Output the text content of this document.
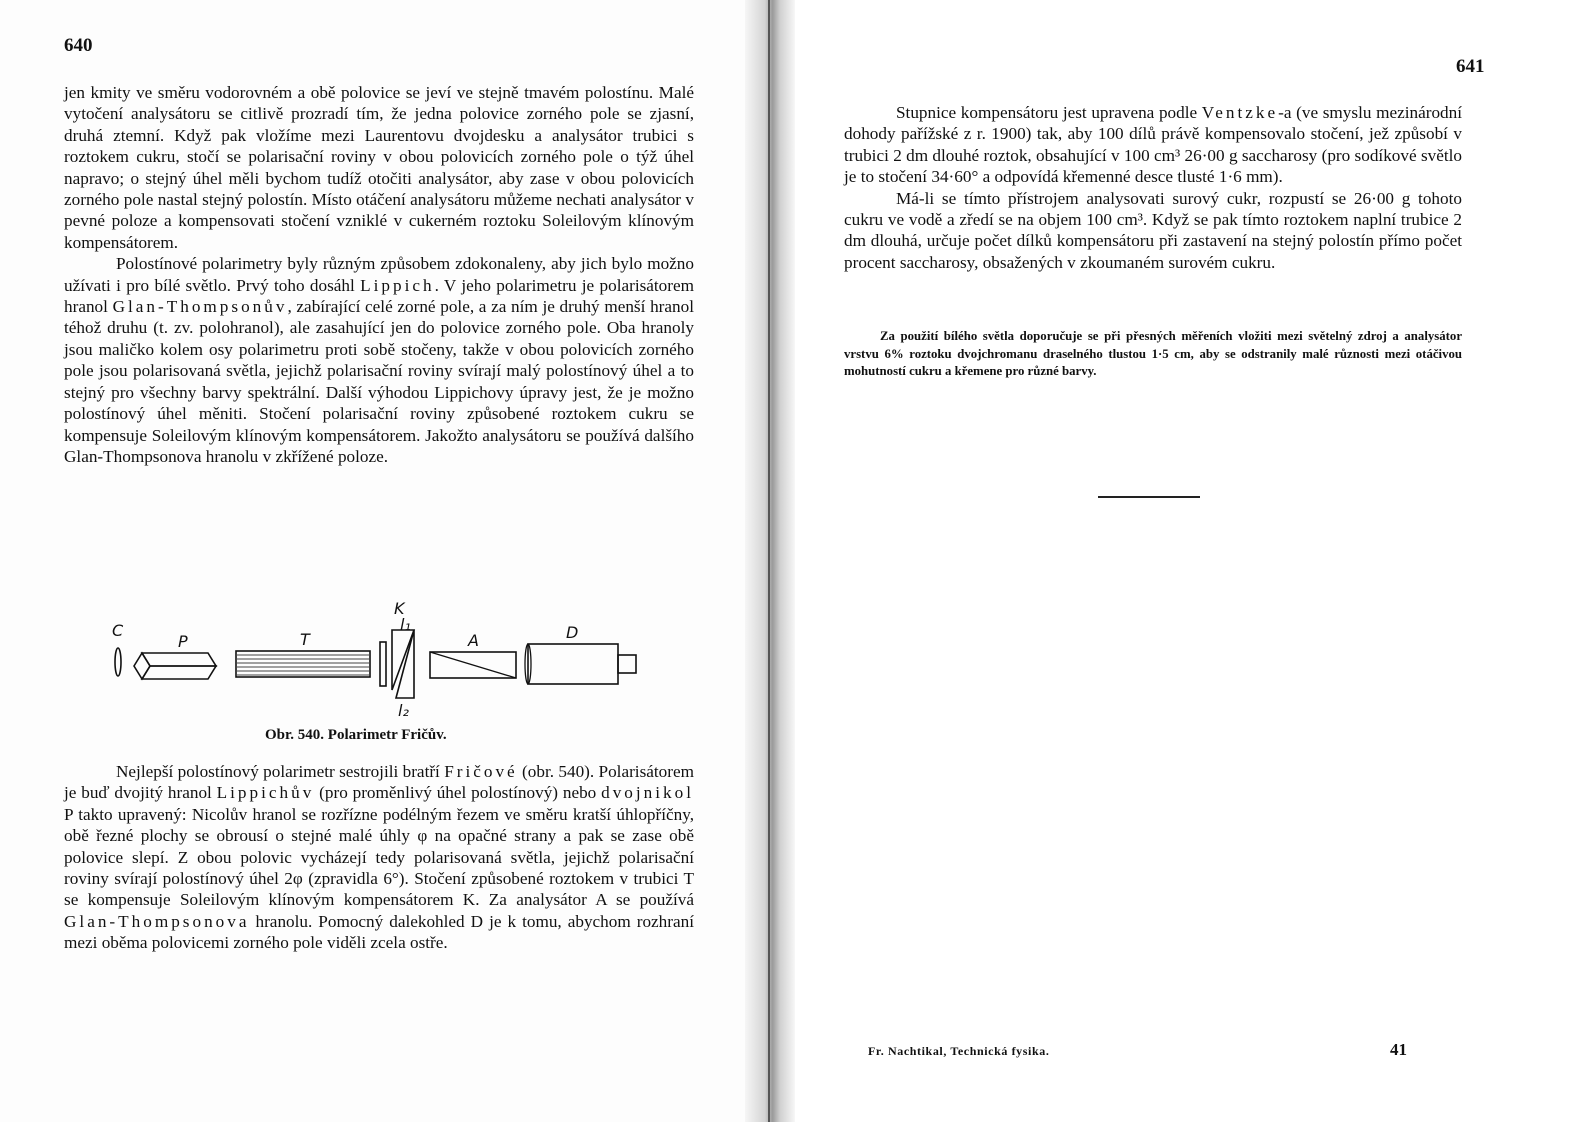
640

jen kmity ve směru vodorovném a obě polovice se jeví ve stejně tmavém polostínu. Malé vytočení analysátoru se citlivě prozradí tím, že jedna polovice zorného pole se zjasní, druhá ztemní. Když pak vložíme mezi Laurentovu dvojdesku a analysátor trubici s roztokem cukru, stočí se polarisační roviny v obou polovicích zorného pole o týž úhel napravo; o stejný úhel měli bychom tudíž otočiti analysátor, aby zase v obou polovicích zorného pole nastal stejný polostín. Místo otáčení analysátoru můžeme nechati analysátor v pevné poloze a kompensovati stočení vzniklé v cukerném roztoku Soleilovým klínovým kompensátorem.

Polostínové polarimetry byly různým způsobem zdokonaleny, aby jich bylo možno užívati i pro bílé světlo. Prvý toho dosáhl Lippich. V jeho polarimetru je polarisátorem hranol Glan-Thompsonův, zabírající celé zorné pole, a za ním je druhý menší hranol téhož druhu (t. zv. polohranol), ale zasahující jen do polovice zorného pole. Oba hranoly jsou maličko kolem osy polarimetru proti sobě stočeny, takže v obou polovicích zorného pole jsou polarisovaná světla, jejichž polarisační roviny svírají malý polostínový úhel a to stejný pro všechny barvy spektrální. Další výhodou Lippichovy úpravy jest, že je možno polostínový úhel měniti. Stočení polarisační roviny způsobené roztokem cukru se kompensuje Soleilovým klínovým kompensátorem. Jakožto analysátoru se používá dalšího Glan-Thompsonova hranolu v zkřížené poloze.

C
P	T
K
l₁
l₂
A	D
Obr. 540. Polarimetr Fričův.

Nejlepší polostínový polarimetr sestrojili bratří Fričové (obr. 540). Polarisátorem je buď dvojitý hranol Lippichův (pro proměnlivý úhel polostínový) nebo dvojnikol P takto upravený: Nicolův hranol se rozřízne podélným řezem ve směru kratší úhlopříčny, obě řezné plochy se obrousí o stejné malé úhly φ na opačné strany a pak se zase obě polovice slepí. Z obou polovic vycházejí tedy polarisovaná světla, jejichž polarisační roviny svírají polostínový úhel 2φ (zpravidla 6°). Stočení způsobené roztokem v trubici T se kompensuje Soleilovým klínovým kompensátorem K. Za analysátor A se používá Glan-Thompsonova hranolu. Pomocný dalekohled D je k tomu, abychom rozhraní mezi oběma polovicemi zorného pole viděli zcela ostře.

641

Stupnice kompensátoru jest upravena podle Ventzke-a (ve smyslu mezinárodní dohody pařížské z r. 1900) tak, aby 100 dílů právě kompensovalo stočení, jež způsobí v trubici 2 dm dlouhé roztok, obsahující v 100 cm³ 26·00 g saccharosy (pro sodíkové světlo je to stočení 34·60° a odpovídá křemenné desce tlusté 1·6 mm).

Má-li se tímto přístrojem analysovati surový cukr, rozpustí se 26·00 g tohoto cukru ve vodě a zředí se na objem 100 cm³. Když se pak tímto roztokem naplní trubice 2 dm dlouhá, určuje počet dílků kompensátoru při zastavení na stejný polostín přímo počet procent saccharosy, obsažených v zkoumaném surovém cukru.

Za použití bílého světla doporučuje se při přesných měřeních vložiti mezi světelný zdroj a analysátor vrstvu 6% roztoku dvojchromanu draselného tlustou 1·5 cm, aby se odstranily malé různosti mezi otáčivou mohutností cukru a křemene pro různé barvy.
Fr. Nachtikal, Technická fysika.	41
